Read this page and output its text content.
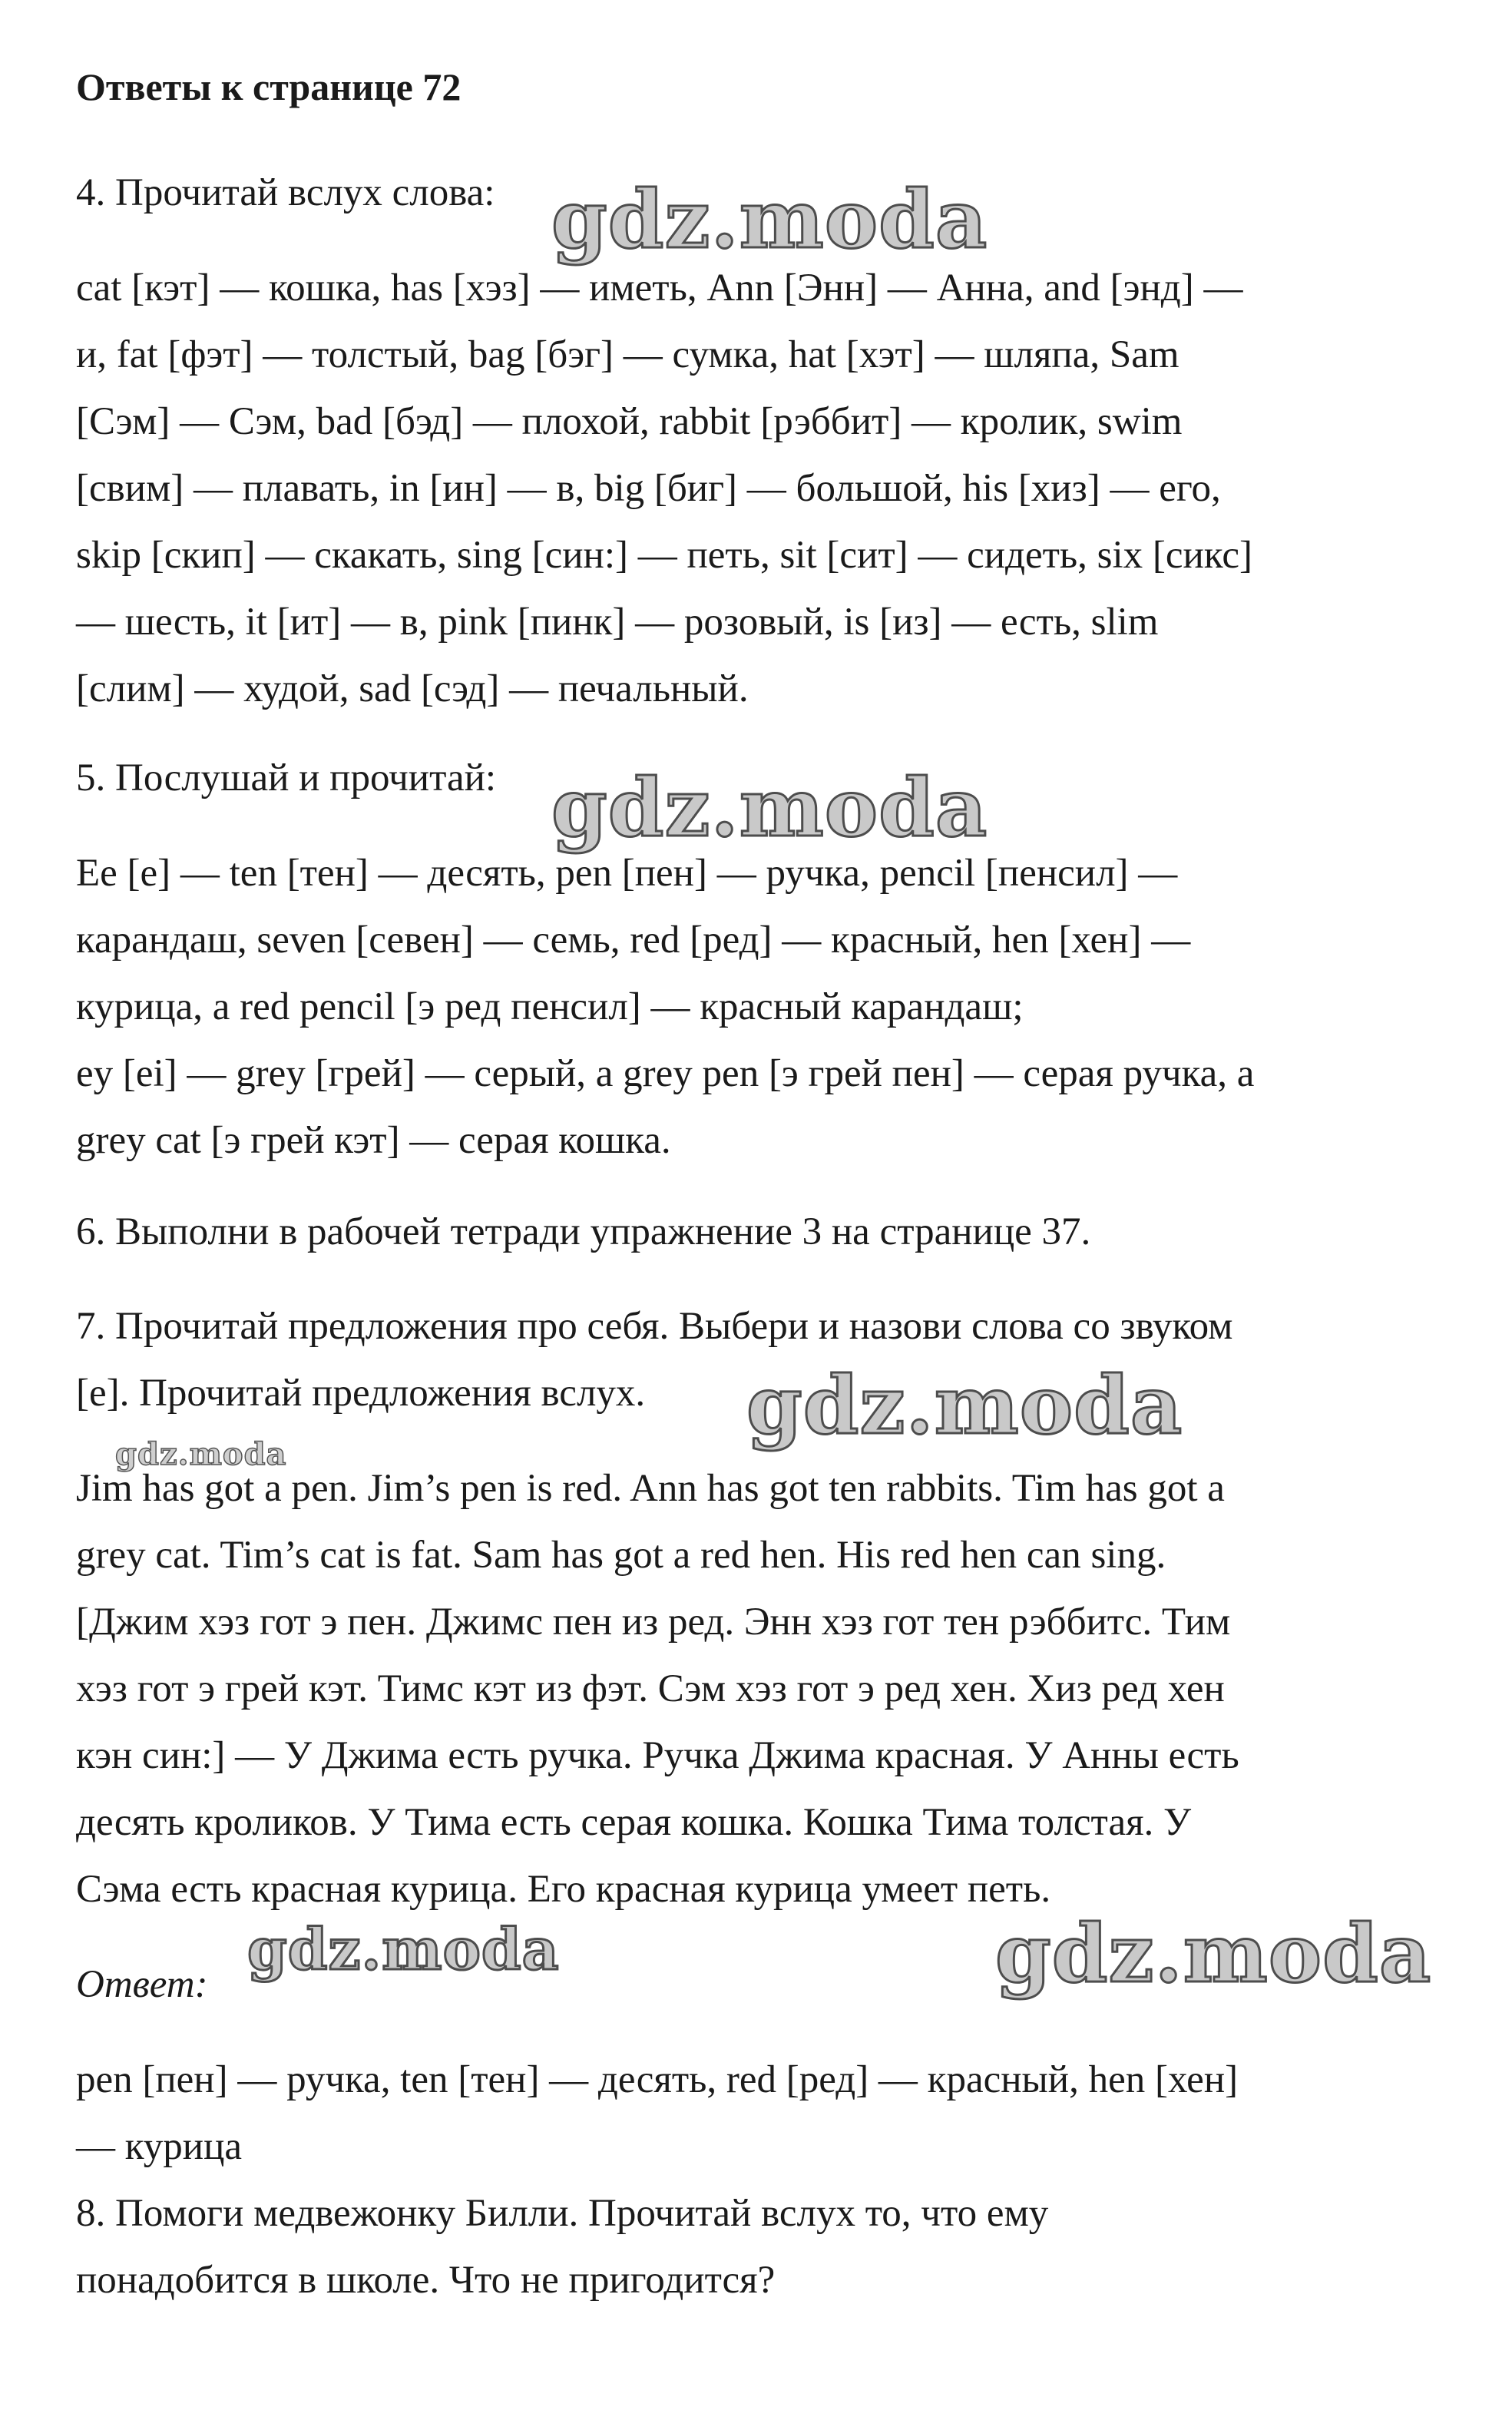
Ответы к странице 72

4. Прочитай вслух слова:

cat [кэт] — кошка, has [хэз] — иметь, Ann [Энн] — Анна, and [энд] —

и, fat [фэт] — толстый, bag [бэг] — сумка, hat [хэт] — шляпа, Sam

[Сэм] — Сэм, bad [бэд] — плохой, rabbit [рэббит] — кролик, swim

[свим] — плавать, in [ин] — в, big [биг] — большой, his [хиз] — его,

skip [скип] — скакать, sing [син:] — петь, sit [сит] — сидеть, six [сикс]

— шесть, it [ит] — в, pink [пинк] — розовый, is [из] — есть, slim

[слим] — худой, sad [сэд] — печальный.

5. Послушай и прочитай:

Ee [e] — ten [тен] — десять, pen [пен] — ручка, pencil [пенсил] —

карандаш, seven [севен] — семь, red [ред] — красный, hen [хен] —

курица, a red pencil [э ред пенсил] — красный карандаш;

ey [ei] — grey [грей] — серый, a grey pen [э грей пен] — серая ручка, a

grey cat [э грей кэт] — серая кошка.

6. Выполни в рабочей тетради упражнение 3 на странице 37.

7. Прочитай предложения про себя. Выбери и назови слова со звуком

[e]. Прочитай предложения вслух.

Jim has got a pen. Jim’s pen is red. Ann has got ten rabbits. Tim has got a

grey cat. Tim’s cat is fat. Sam has got a red hen. His red hen can sing.

[Джим хэз гот э пен. Джимс пен из ред. Энн хэз гот тен рэббитс. Тим

хэз гот э грей кэт. Тимс кэт из фэт. Сэм хэз гот э ред хен. Хиз ред хен

кэн син:] — У Джима есть ручка. Ручка Джима красная. У Анны есть

десять кроликов. У Тима есть серая кошка. Кошка Тима толстая. У

Сэма есть красная курица. Его красная курица умеет петь.

Ответ:

pen [пен] — ручка, ten [тен] — десять, red [ред] — красный, hen [хен]

— курица

8. Помоги медвежонку Билли. Прочитай вслух то, что ему

понадобится в школе. Что не пригодится?

gdz.moda
gdz.moda
gdz.moda
gdz.moda
gdz.moda	gdz.moda
